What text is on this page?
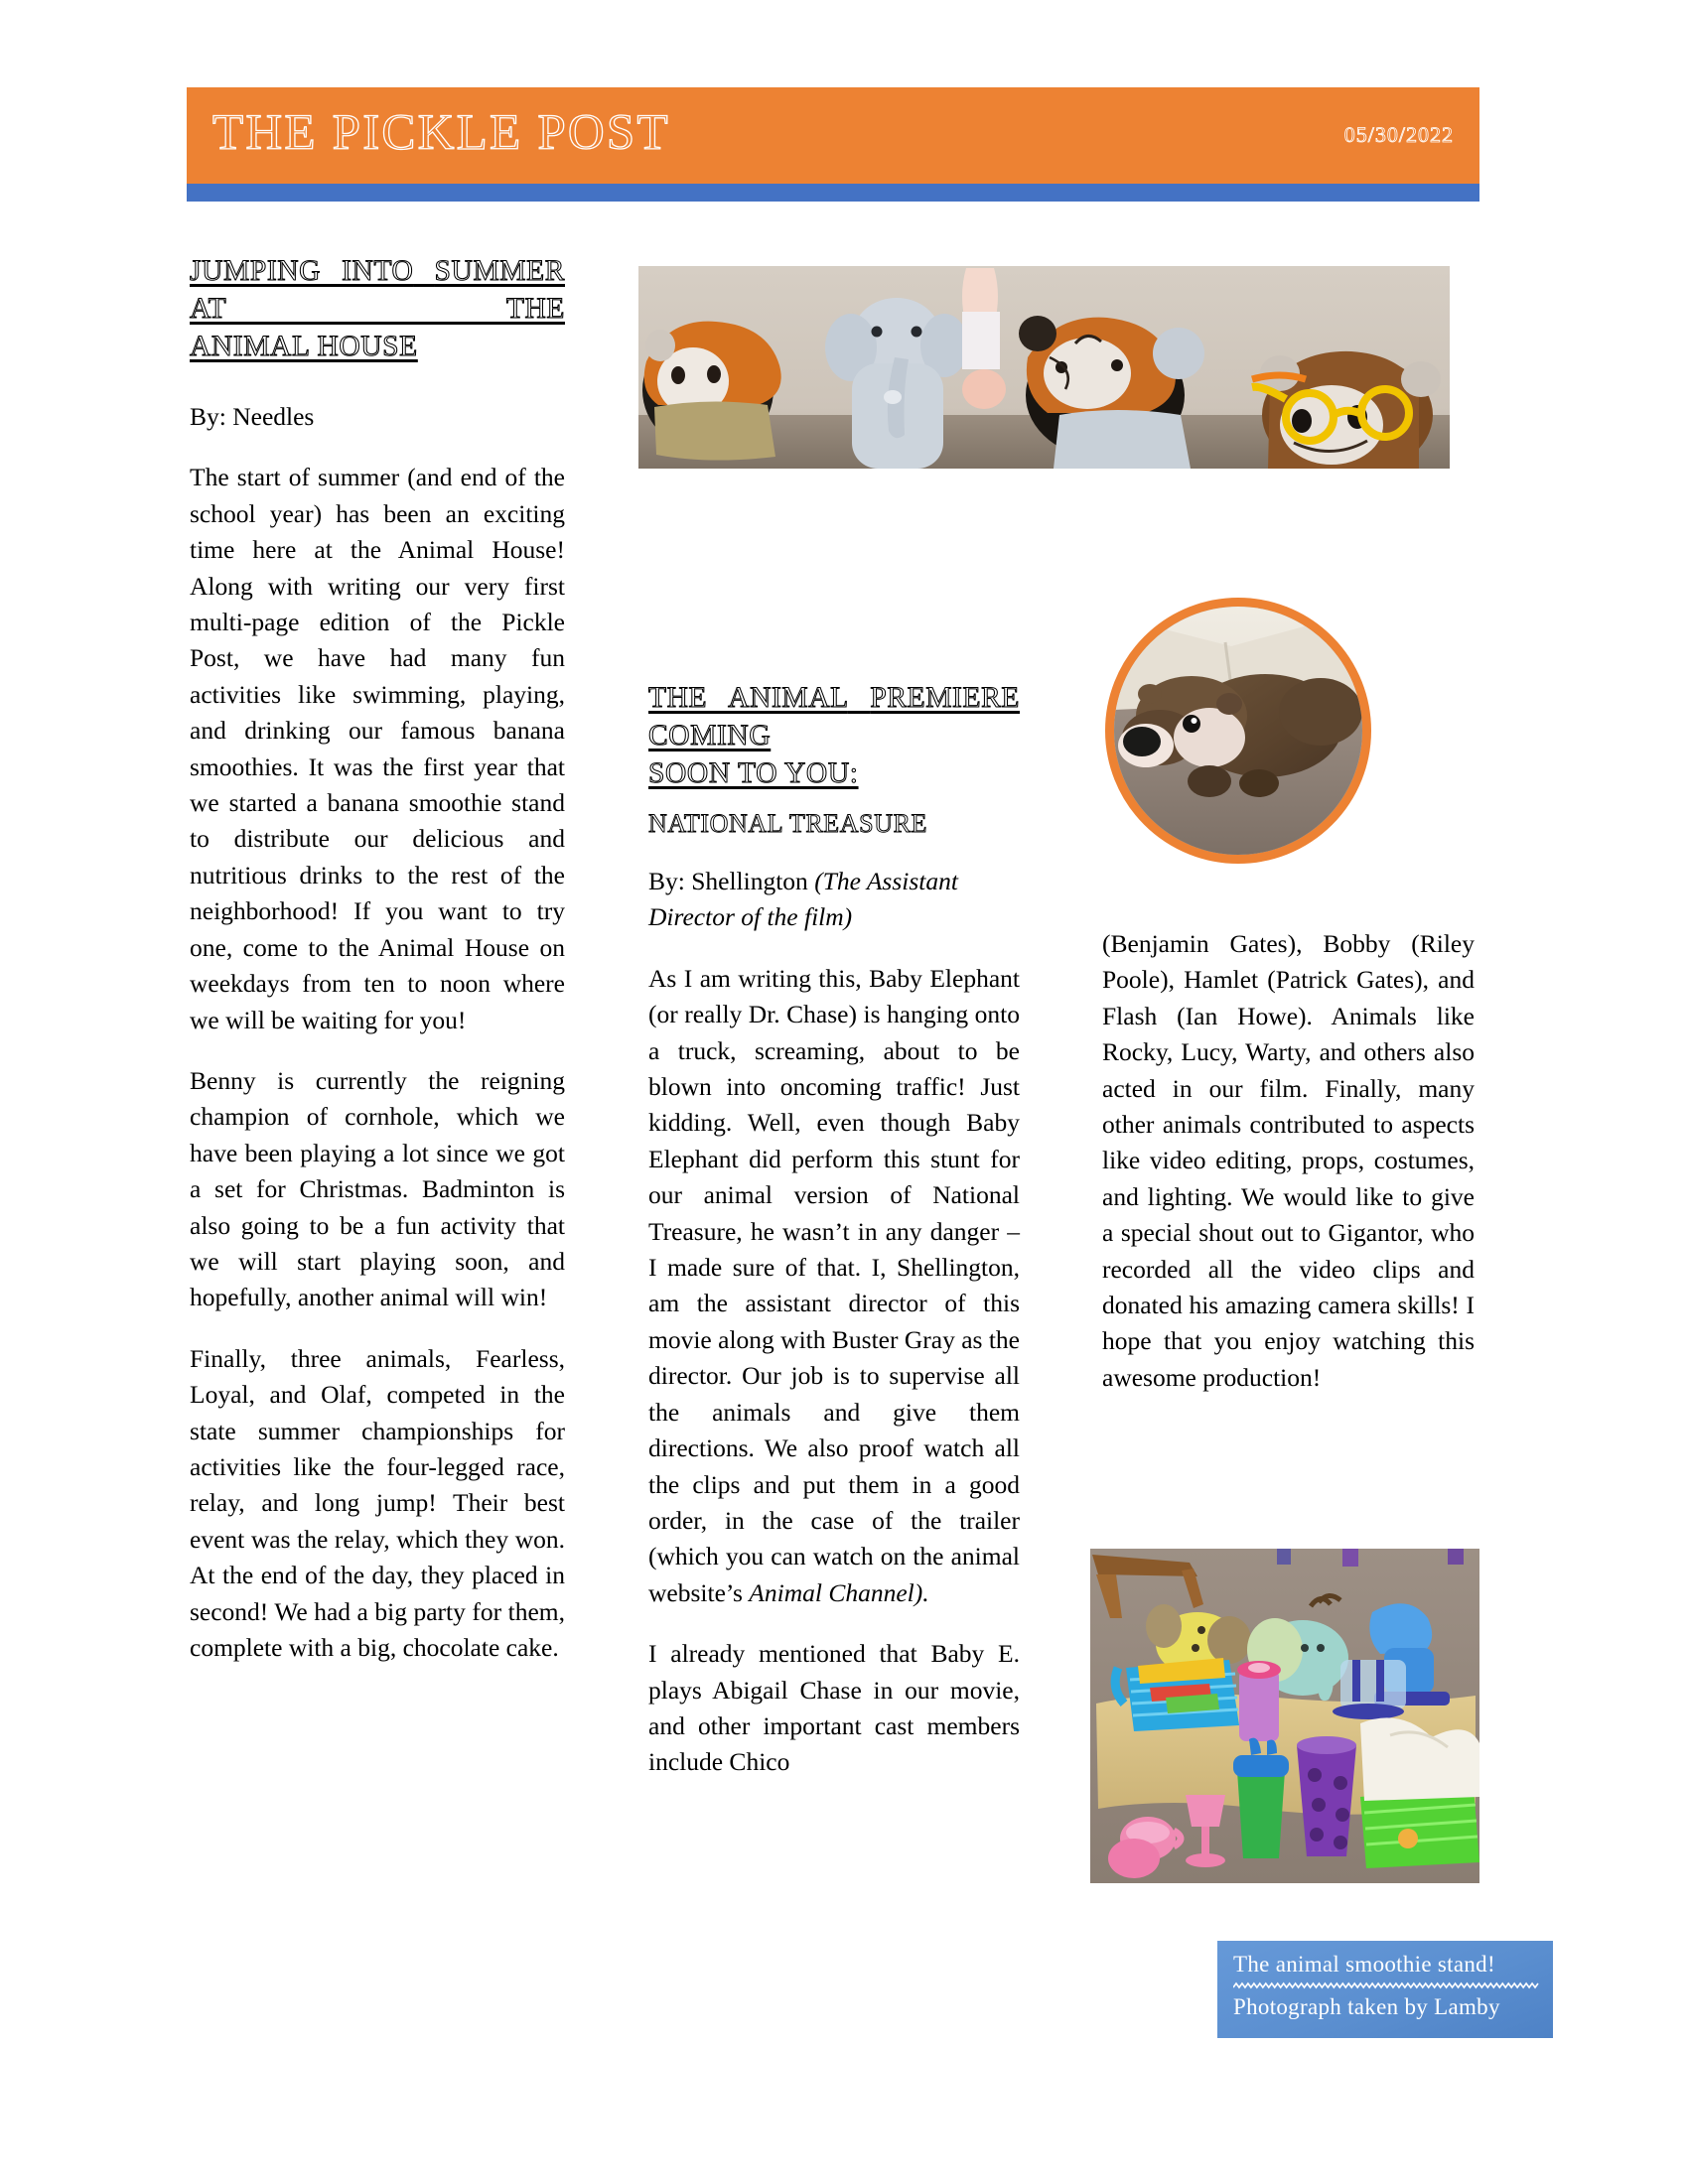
THE PICKLE POST	05/30/2022
JUMPING INTO SUMMER AT THE
ANIMAL HOUSE
By: Needles

The start of summer (and end of the school year) has been an exciting time here at the Animal House! Along with writing our very first multi-page edition of the Pickle Post, we have had many fun activities like swimming, playing, and drinking our famous banana smoothies. It was the first year that we started a banana smoothie stand to distribute our delicious and nutritious drinks to the rest of the neighborhood! If you want to try one, come to the Animal House on weekdays from ten to noon where we will be waiting for you!

Benny is currently the reigning champion of cornhole, which we have been playing a lot since we got a set for Christmas. Badminton is also going to be a fun activity that we will start playing soon, and hopefully, another animal will win!

Finally, three animals, Fearless, Loyal, and Olaf, competed in the state summer championships for activities like the four-legged race, relay, and long jump! Their best event was the relay, which they won. At the end of the day, they placed in second! We had a big party for them, complete with a big, chocolate cake.

THE ANIMAL PREMIERE COMING
SOON TO YOU:
NATIONAL TREASURE
By: Shellington (The Assistant Director of the film)

As I am writing this, Baby Elephant (or really Dr. Chase) is hanging onto a truck, screaming, about to be blown into oncoming traffic! Just kidding. Well, even though Baby Elephant did perform this stunt for our animal version of National Treasure, he wasn’t in any danger – I made sure of that. I, Shellington, am the assistant director of this movie along with Buster Gray as the director. Our job is to supervise all the animals and give them directions. We also proof watch all the clips and put them in a good order, in the case of the trailer (which you can watch on the animal website’s Animal Channel).

I already mentioned that Baby E. plays Abigail Chase in our movie, and other important cast members include Chico

(Benjamin Gates), Bobby (Riley Poole), Hamlet (Patrick Gates), and Flash (Ian Howe). Animals like Rocky, Lucy, Warty, and others also acted in our film. Finally, many other animals contributed to aspects like video editing, props, costumes, and lighting. We would like to give a special shout out to Gigantor, who recorded all the video clips and donated his amazing camera skills! I hope that you enjoy watching this awesome production!

The animal smoothie stand!
Photograph taken by Lamby
